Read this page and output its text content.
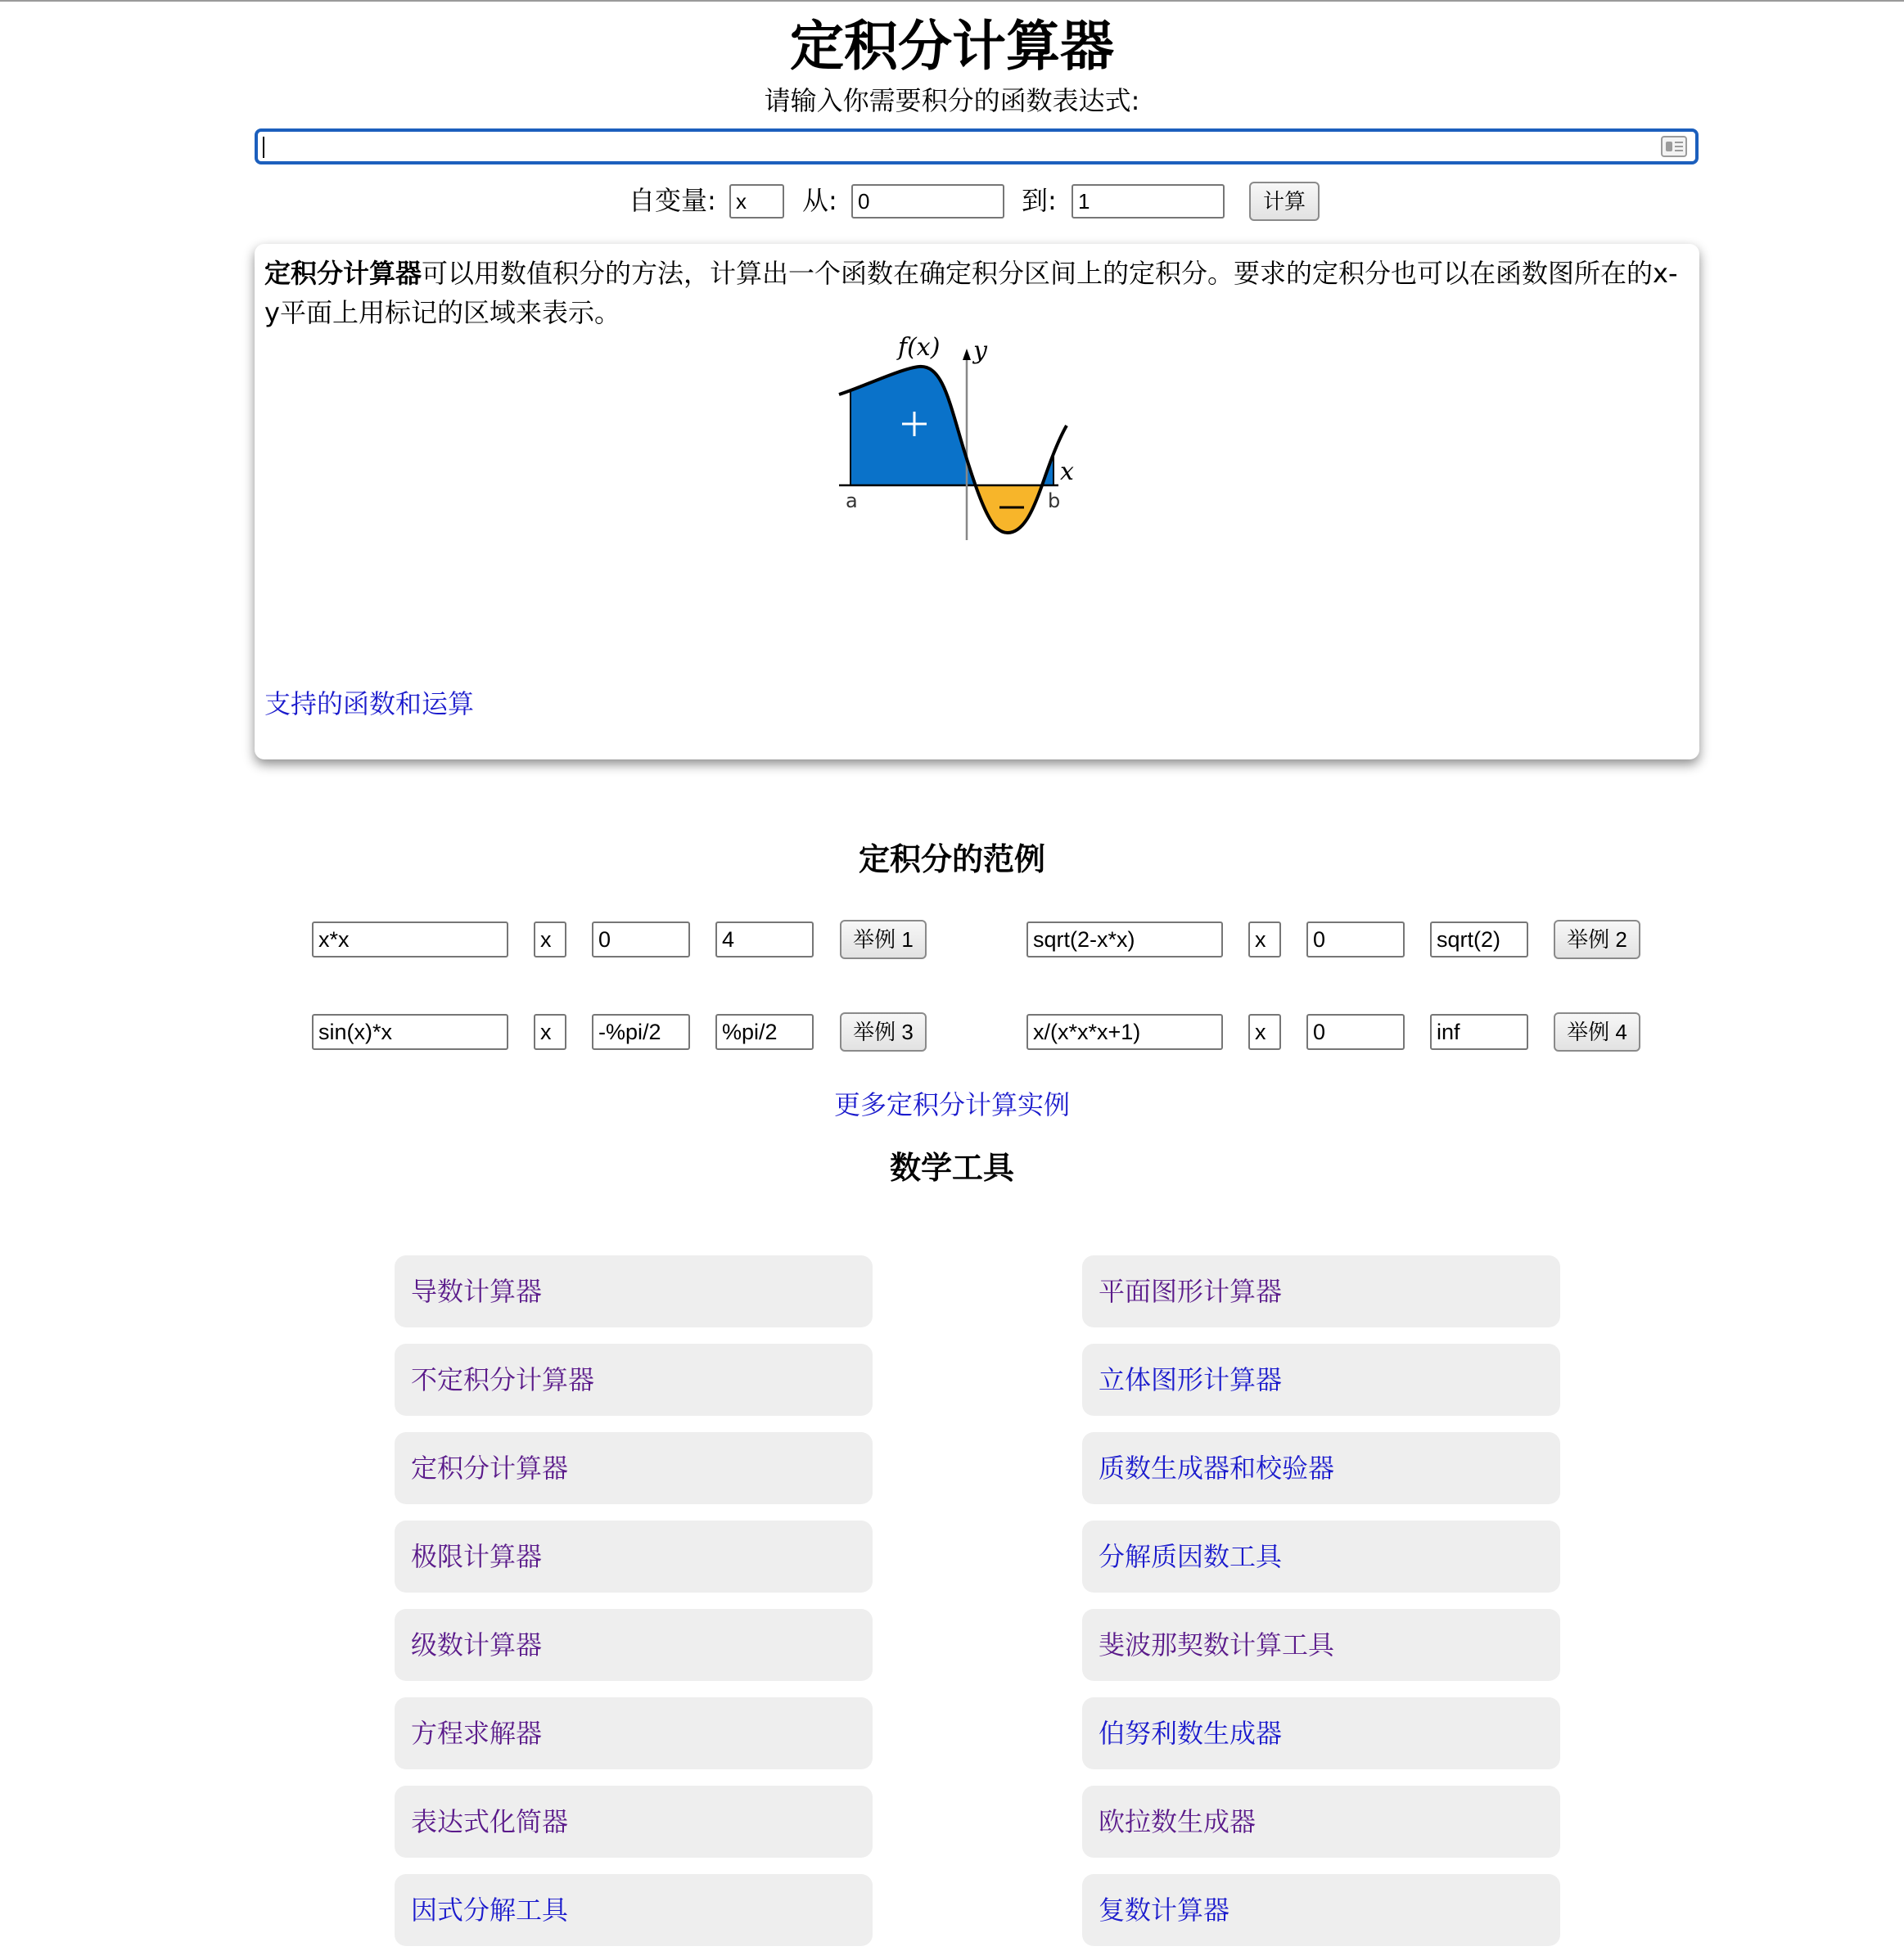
定积分计算器
请输入你需要积分的函数表达式:
自变量: x	从: 0	到:	1	计算
定积分计算器可以用数值积分的方法，计算出一个函数在确定积分区间上的定积分。要求的定积分也可以在函数图所在的x-y平面上用标记的区域来表示。
f(x) y
x
a	b
支持的函数和运算
定积分的范例
x*x	x	0	4	举例 1	sqrt(2-x*x)	x	0	sqrt(2)	举例 2
sin(x)*x	x	-%pi/2	%pi/2	举例 3	x/(x*x*x+1)	x	0	inf	举例 4
更多定积分计算实例
数学工具
导数计算器
不定积分计算器
定积分计算器
极限计算器
级数计算器
方程求解器
表达式化简器
因式分解工具
平面图形计算器
立体图形计算器
质数生成器和校验器
分解质因数工具
斐波那契数计算工具
伯努利数生成器
欧拉数生成器
复数计算器
